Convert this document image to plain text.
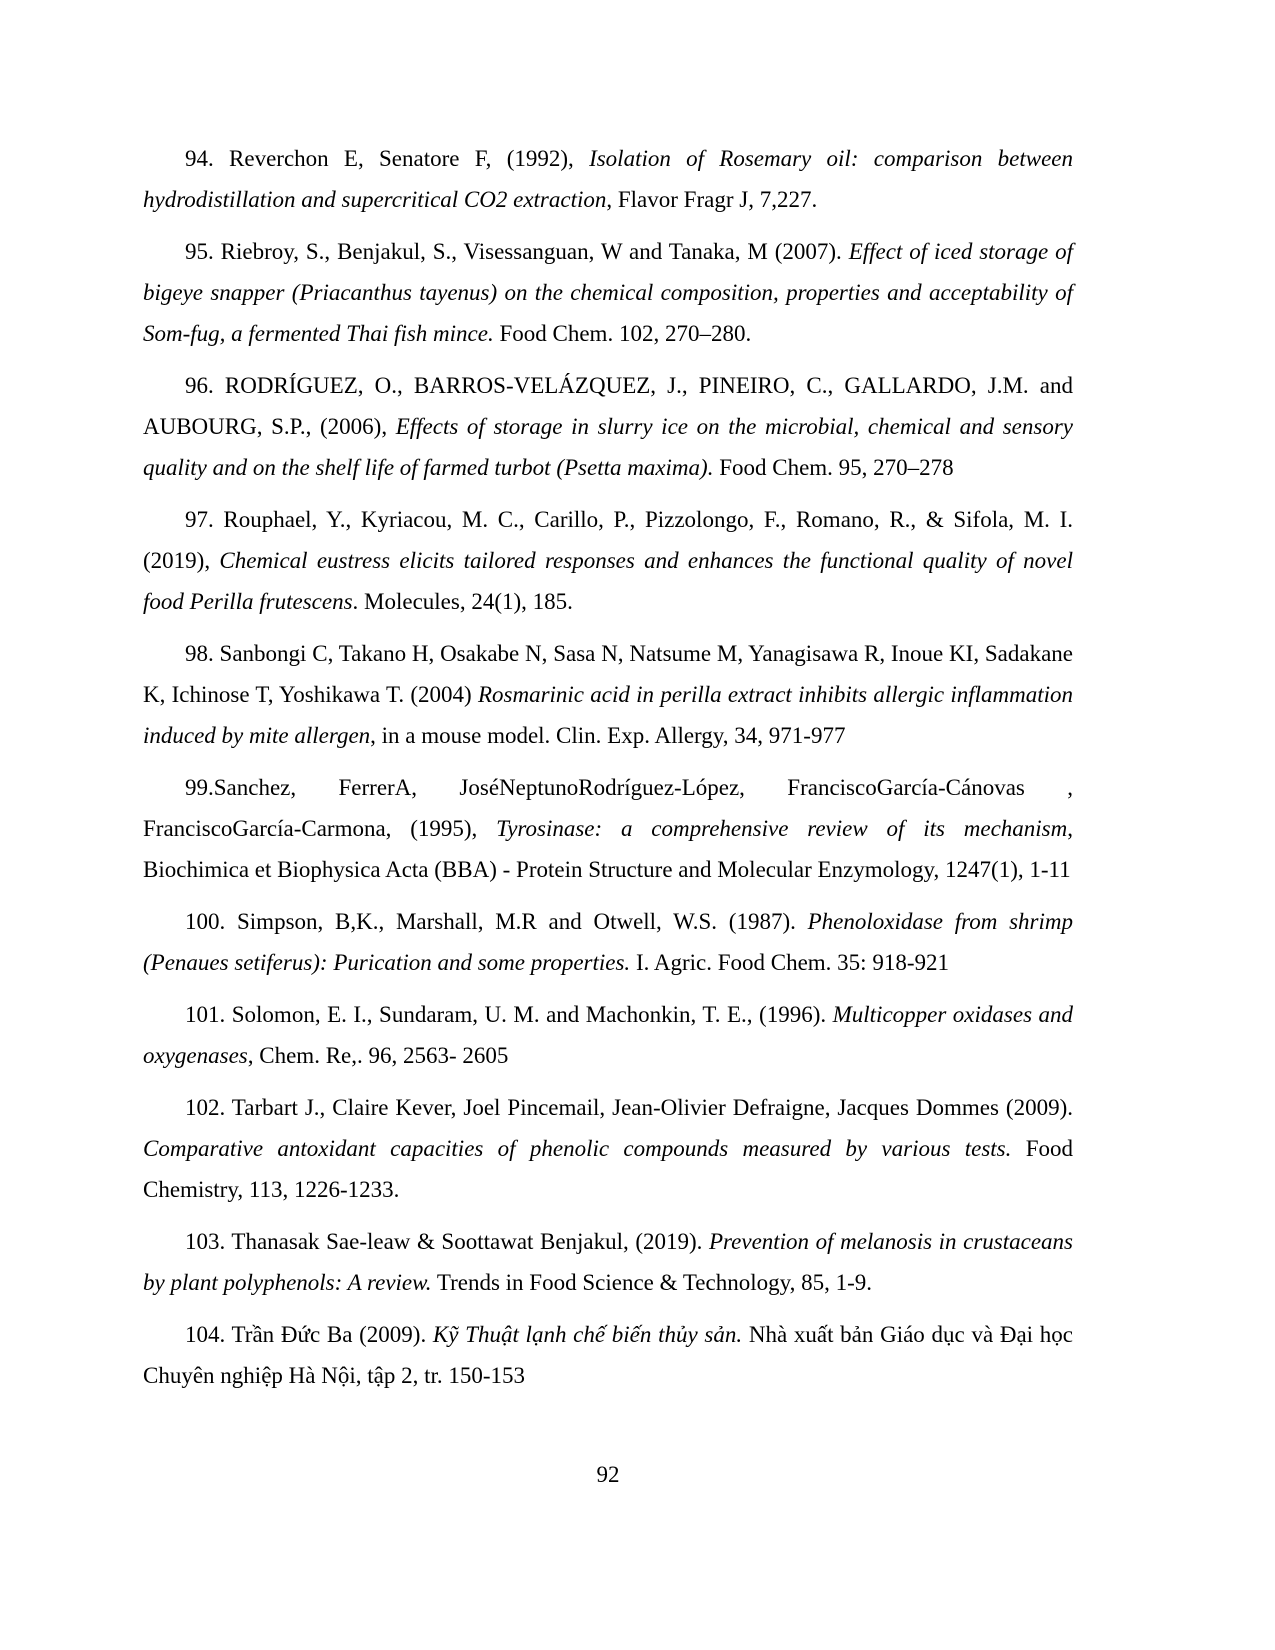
94. Reverchon E, Senatore F, (1992), Isolation of Rosemary oil: comparison between hydrodistillation and supercritical CO2 extraction, Flavor Fragr J, 7,227.

95. Riebroy, S., Benjakul, S., Visessanguan, W and Tanaka, M (2007). Effect of iced storage of bigeye snapper (Priacanthus tayenus) on the chemical composition, properties and acceptability of Som-fug, a fermented Thai fish mince. Food Chem. 102, 270–280.

96. RODRÍGUEZ, O., BARROS-VELÁZQUEZ, J., PINEIRO, C., GALLARDO, J.M. and AUBOURG, S.P., (2006), Effects of storage in slurry ice on the microbial, chemical and sensory quality and on the shelf life of farmed turbot (Psetta maxima). Food Chem. 95, 270–278

97. Rouphael, Y., Kyriacou, M. C., Carillo, P., Pizzolongo, F., Romano, R., & Sifola, M. I. (2019), Chemical eustress elicits tailored responses and enhances the functional quality of novel food Perilla frutescens. Molecules, 24(1), 185.

98. Sanbongi C, Takano H, Osakabe N, Sasa N, Natsume M, Yanagisawa R, Inoue KI, Sadakane K, Ichinose T, Yoshikawa T. (2004) Rosmarinic acid in perilla extract inhibits allergic inflammation induced by mite allergen, in a mouse model. Clin. Exp. Allergy, 34, 971-977

99.Sanchez, FerrerA, JoséNeptunoRodríguez-López, FranciscoGarcía-Cánovas , FranciscoGarcía-Carmona, (1995), Tyrosinase: a comprehensive review of its mechanism, Biochimica et Biophysica Acta (BBA) - Protein Structure and Molecular Enzymology, 1247(1), 1-11

100. Simpson, B,K., Marshall, M.R and Otwell, W.S. (1987). Phenoloxidase from shrimp (Penaues setiferus): Purication and some properties. I. Agric. Food Chem. 35: 918-921

101. Solomon, E. I., Sundaram, U. M. and Machonkin, T. E., (1996). Multicopper oxidases and oxygenases, Chem. Re,. 96, 2563- 2605

102. Tarbart J., Claire Kever, Joel Pincemail, Jean-Olivier Defraigne, Jacques Dommes (2009). Comparative antoxidant capacities of phenolic compounds measured by various tests. Food Chemistry, 113, 1226-1233.

103. Thanasak Sae-leaw & Soottawat Benjakul, (2019). Prevention of melanosis in crustaceans by plant polyphenols: A review. Trends in Food Science & Technology, 85, 1-9.

104. Trần Đức Ba (2009). Kỹ Thuật lạnh chế biến thủy sản. Nhà xuất bản Giáo dục và Đại học Chuyên nghiệp Hà Nội, tập 2, tr. 150-153

92
